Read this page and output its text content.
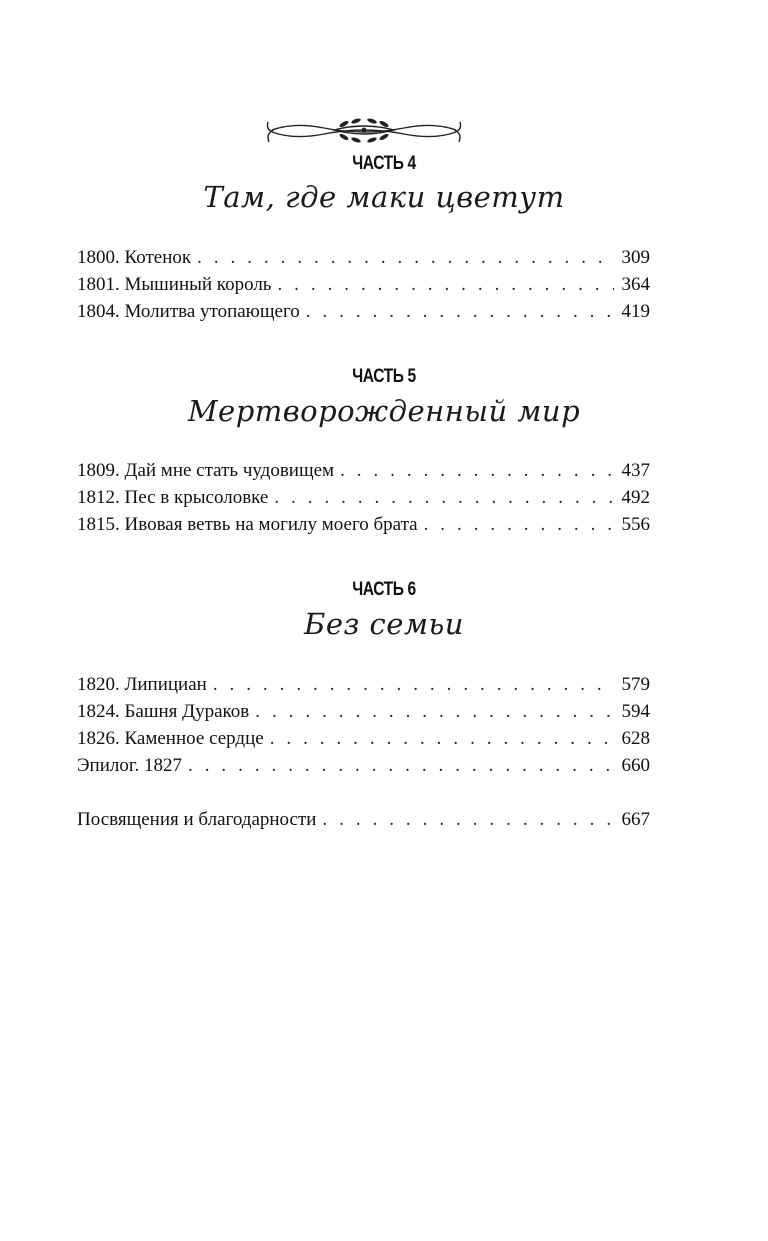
ЧАСТЬ 4
Там, где маки цветут
1800. Котенок . . .	309
1801. Мышиный король . . .	364
1804. Молитва утопающего . . .	419
ЧАСТЬ 5
Мертворожденный мир
1809. Дай мне стать чудовищем . . .	437
1812. Пес в крысоловке . . .	492
1815. Ивовая ветвь на могилу моего брата . . .	556
ЧАСТЬ 6
Без семьи
1820. Липициан . . .	579
1824. Башня Дураков . . .	594
1826. Каменное сердце . . .	628
Эпилог. 1827 . . .	660
Посвящения и благодарности . . .	667
